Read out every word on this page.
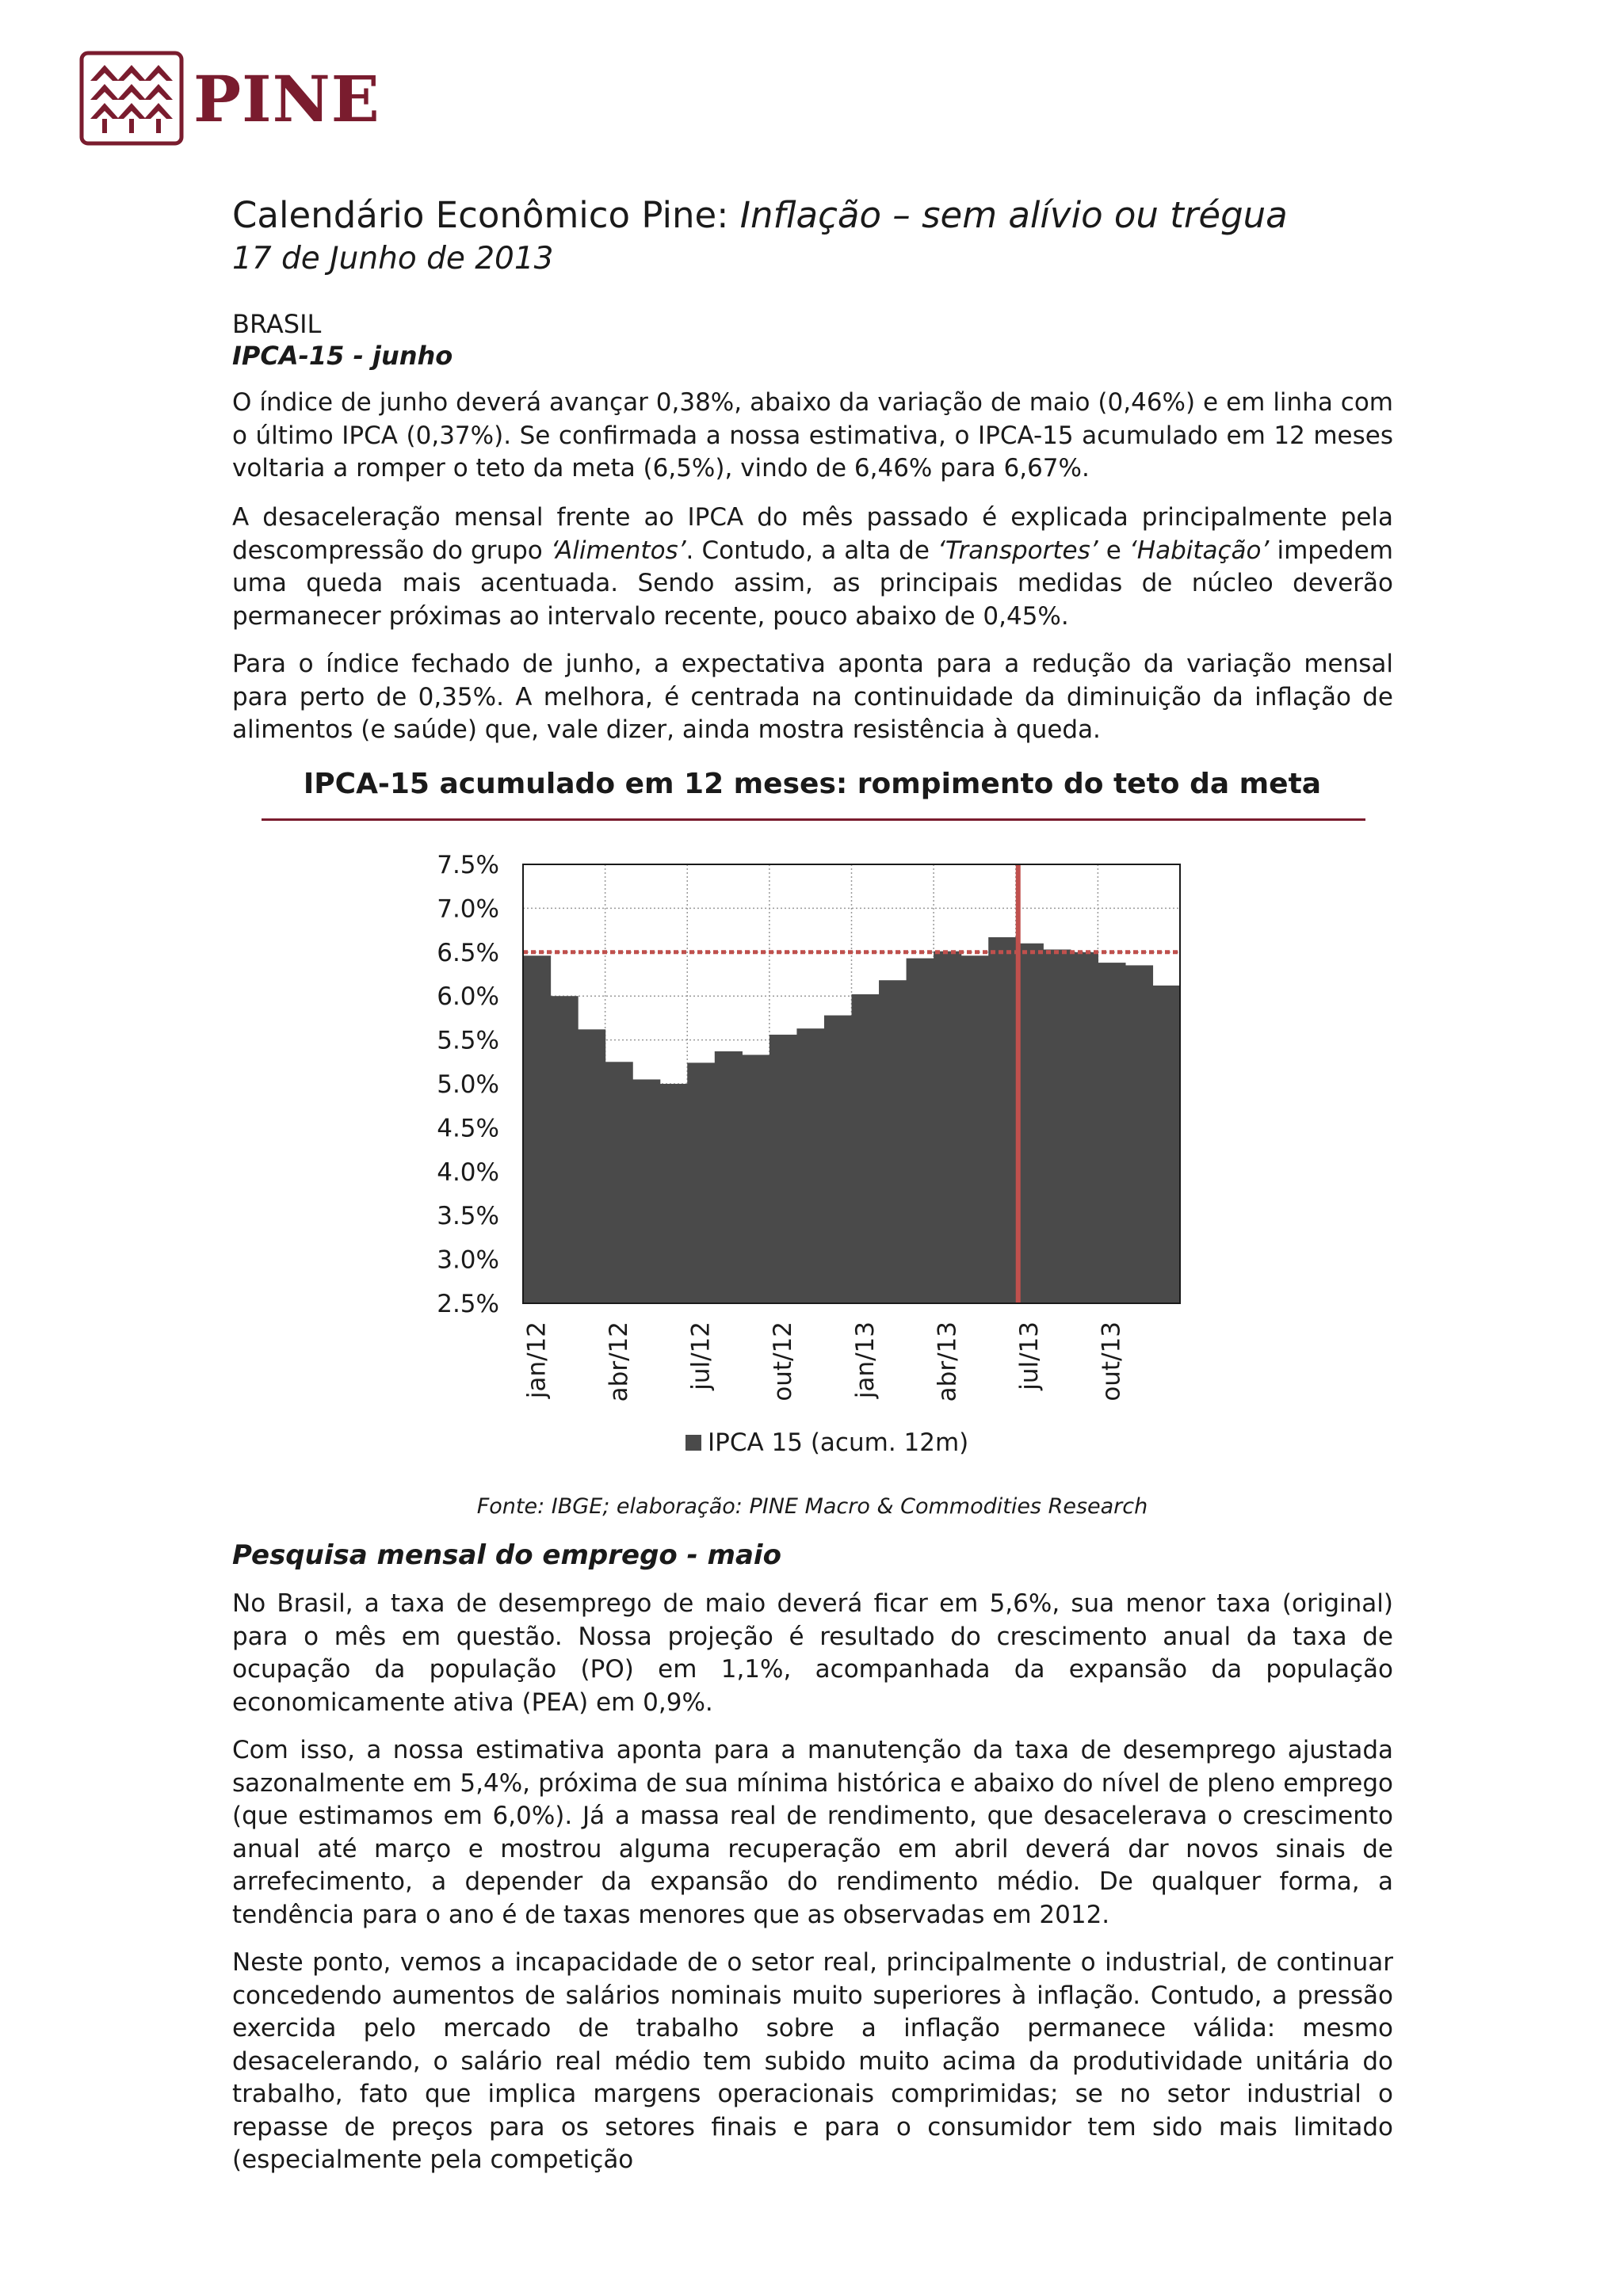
PINE
Calendário Econômico Pine: Inflação – sem alívio ou trégua
17 de Junho de 2013
BRASIL
IPCA-15 - junho

O índice de junho deverá avançar 0,38%, abaixo da variação de maio (0,46%) e em linha com o último IPCA (0,37%). Se confirmada a nossa estimativa, o IPCA-15 acumulado em 12 meses voltaria a romper o teto da meta (6,5%), vindo de 6,46% para 6,67%.

A desaceleração mensal frente ao IPCA do mês passado é explicada principalmente pela descompressão do grupo ‘Alimentos’. Contudo, a alta de ‘Transportes’ e ‘Habitação’ impedem uma queda mais acentuada. Sendo assim, as principais medidas de núcleo deverão permanecer próximas ao intervalo recente, pouco abaixo de 0,45%.

Para o índice fechado de junho, a expectativa aponta para a redução da variação mensal para perto de 0,35%. A melhora, é centrada na continuidade da diminuição da inflação de alimentos (e saúde) que, vale dizer, ainda mostra resistência à queda.

IPCA-15 acumulado em 12 meses: rompimento do teto da meta
7.5%
7.0%
6.5%
6.0%
5.5%
5.0%
4.5%
4.0%
3.5%
3.0%
2.5%
jan/12 abr/12 jul/12 out/12 jan/13 abr/13 jul/13 out/13
IPCA 15 (acum. 12m)
Fonte: IBGE; elaboração: PINE Macro & Commodities Research
Pesquisa mensal do emprego - maio

No Brasil, a taxa de desemprego de maio deverá ficar em 5,6%, sua menor taxa (original) para o mês em questão. Nossa projeção é resultado do crescimento anual da taxa de ocupação da população (PO) em 1,1%, acompanhada da expansão da população economicamente ativa (PEA) em 0,9%.

Com isso, a nossa estimativa aponta para a manutenção da taxa de desemprego ajustada sazonalmente em 5,4%, próxima de sua mínima histórica e abaixo do nível de pleno emprego (que estimamos em 6,0%). Já a massa real de rendimento, que desacelerava o crescimento anual até março e mostrou alguma recuperação em abril deverá dar novos sinais de arrefecimento, a depender da expansão do rendimento médio. De qualquer forma, a tendência para o ano é de taxas menores que as observadas em 2012.

Neste ponto, vemos a incapacidade de o setor real, principalmente o industrial, de continuar concedendo aumentos de salários nominais muito superiores à inflação. Contudo, a pressão exercida pelo mercado de trabalho sobre a inflação permanece válida: mesmo desacelerando, o salário real médio tem subido muito acima da produtividade unitária do trabalho, fato que implica margens operacionais comprimidas; se no setor industrial o repasse de preços para os setores finais e para o consumidor tem sido mais limitado (especialmente pela competição
